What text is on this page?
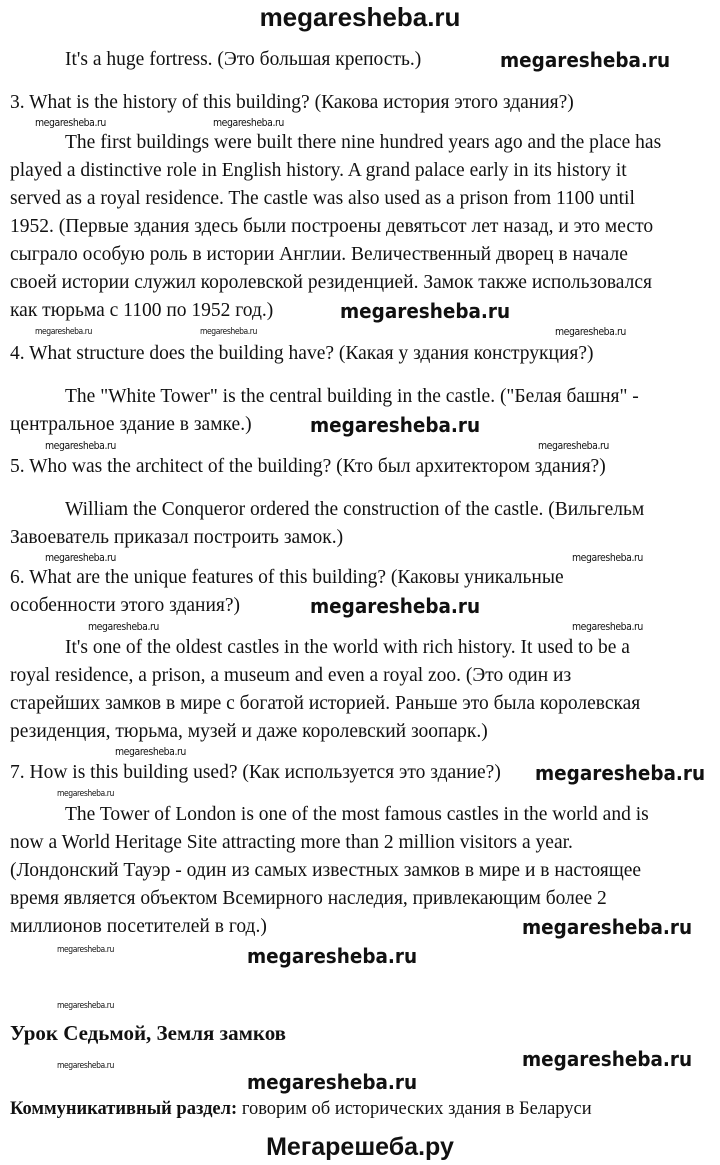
megaresheba.ru
It's a huge fortress. (Это большая крепость.)
3. What is the history of this building? (Какова история этого здания?)
The first buildings were built there nine hundred years ago and the place has
played a distinctive role in English history. A grand palace early in its history it
served as a royal residence. The castle was also used as a prison from 1100 until
1952. (Первые здания здесь были построены девятьсот лет назад, и это место
сыграло особую роль в истории Англии. Величественный дворец в начале
своей истории служил королевской резиденцией. Замок также использовался
как тюрьма с 1100 по 1952 год.)
4. What structure does the building have? (Какая у здания конструкция?)
The "White Tower" is the central building in the castle. ("Белая башня" -
центральное здание в замке.)
5. Who was the architect of the building? (Кто был архитектором здания?)
William the Conqueror ordered the construction of the castle. (Вильгельм
Завоеватель приказал построить замок.)
6. What are the unique features of this building? (Каковы уникальные
особенности этого здания?)
It's one of the oldest castles in the world with rich history. It used to be a
royal residence, a prison, a museum and even a royal zoo. (Это один из
старейших замков в мире с богатой историей. Раньше это была королевская
резиденция, тюрьма, музей и даже королевский зоопарк.)
7. How is this building used? (Как используется это здание?)
The Tower of London is one of the most famous castles in the world and is
now a World Heritage Site attracting more than 2 million visitors a year.
(Лондонский Тауэр - один из самых известных замков в мире и в настоящее
время является объектом Всемирного наследия, привлекающим более 2
миллионов посетителей в год.)
Урок Седьмой, Земля замков
Коммуникативный раздел: говорим об исторических здания в Беларуси
Мегарешеба.ру
megaresheba.ru
megaresheba.ru	megaresheba.ru
megaresheba.ru
megaresheba.ru	megaresheba.ru	megaresheba.ru
megaresheba.ru
megaresheba.ru	megaresheba.ru
megaresheba.ru	megaresheba.ru
megaresheba.ru
megaresheba.ru	megaresheba.ru
megaresheba.ru
megaresheba.ru
megaresheba.ru
megaresheba.ru
megaresheba.ru	megaresheba.ru
megaresheba.ru
megaresheba.ru
megaresheba.ru
megaresheba.ru
